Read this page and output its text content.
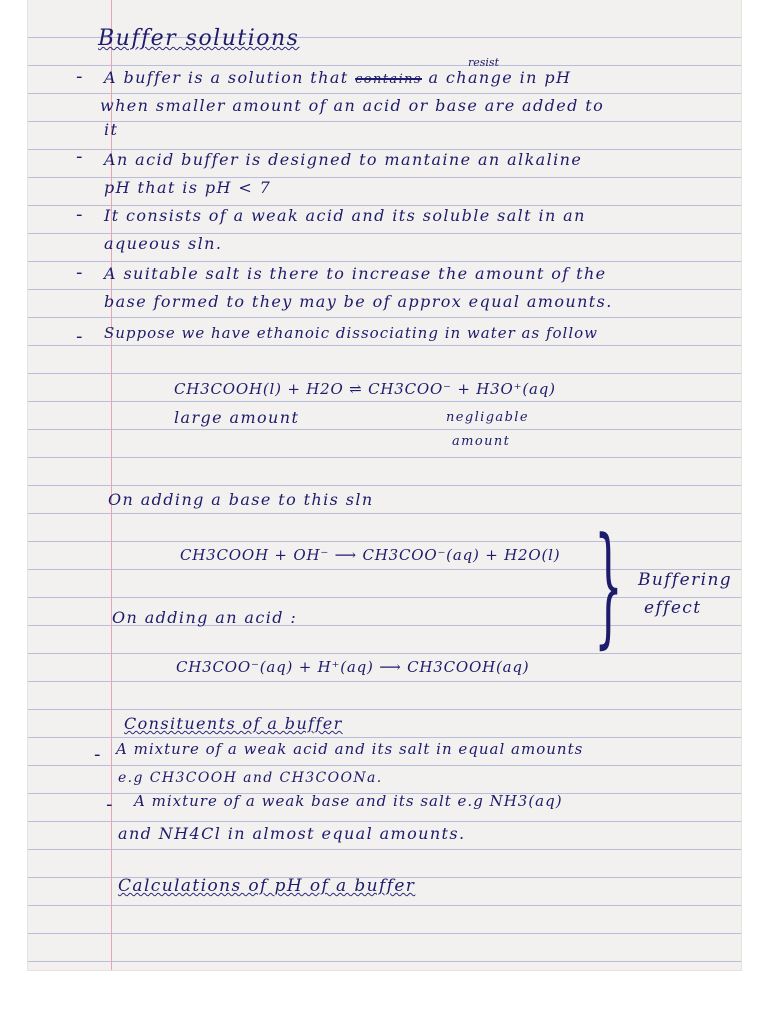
Buffer solutions
- A buffer is a solution that contains a change in pH
resist
when smaller amount of an acid or base are added to
it
- An acid buffer is designed to mantaine an alkaline
pH that is pH < 7
- It consists of a weak acid and its soluble salt in an
aqueous sln.
- A suitable salt is there to increase the amount of the
base formed to they may be of approx equal amounts.
- Suppose we have ethanoic dissociating in water as follow
CH3COOH(l) + H2O ⇌ CH3COO⁻ + H3O⁺(aq)
large amount	negligable
amount
On adding a base to this sln
CH3COOH + OH⁻ ⟶ CH3COO⁻(aq) + H2O(l)
On adding an acid :
CH3COO⁻(aq) + H⁺(aq) ⟶ CH3COOH(aq)
} Buffering
effect
Consituents of a buffer
- A mixture of a weak acid and its salt in equal amounts
e.g CH3COOH and CH3COONa.
- A mixture of a weak base and its salt e.g NH3(aq)
and NH4Cl in almost equal amounts.
Calculations of pH of a buffer
